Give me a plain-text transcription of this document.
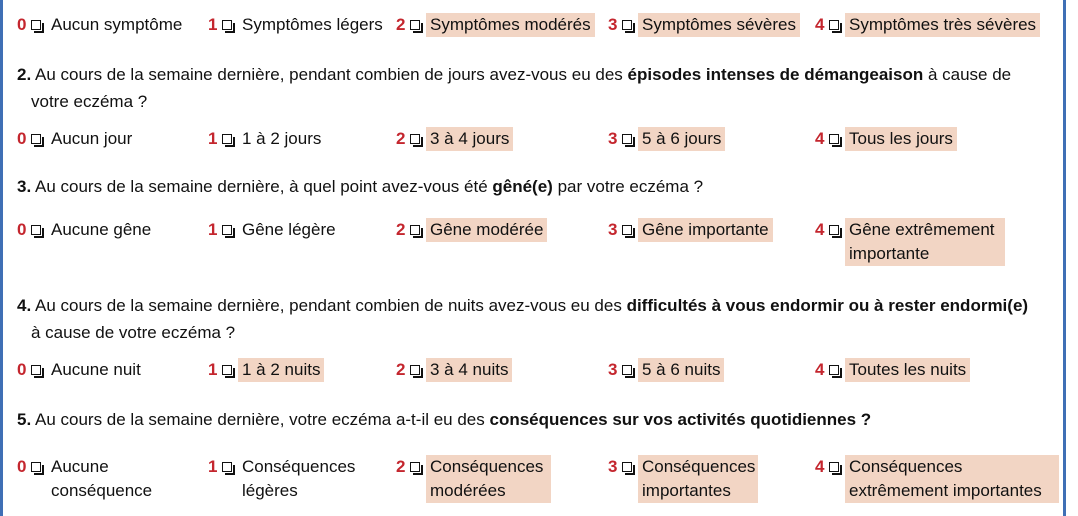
0 Aucun symptôme 1 Symptômes légers 2 Symptômes modérés 3 Symptômes sévères 4 Symptômes très sévères
2. Au cours de la semaine dernière, pendant combien de jours avez-vous eu des épisodes intenses de démangeaison à cause de
votre eczéma ?
0 Aucun jour	1 1 à 2 jours	2 3 à 4 jours	3 5 à 6 jours	4 Tous les jours
3. Au cours de la semaine dernière, à quel point avez-vous été gêné(e) par votre eczéma ?
0 Aucune gêne	1 Gêne légère	2 Gêne modérée	3 Gêne importante	4 Gêne extrêmement
importante
4. Au cours de la semaine dernière, pendant combien de nuits avez-vous eu des difficultés à vous endormir ou à rester endormi(e)
à cause de votre eczéma ?
0 Aucune nuit	1 1 à 2 nuits	2 3 à 4 nuits	3 5 à 6 nuits	4 Toutes les nuits
5. Au cours de la semaine dernière, votre eczéma a-t-il eu des conséquences sur vos activités quotidiennes ?
0 Aucune
conséquence
1 Conséquences
légères
2 Conséquences
modérées
3 Conséquences
importantes
4 Conséquences
extrêmement importantes
